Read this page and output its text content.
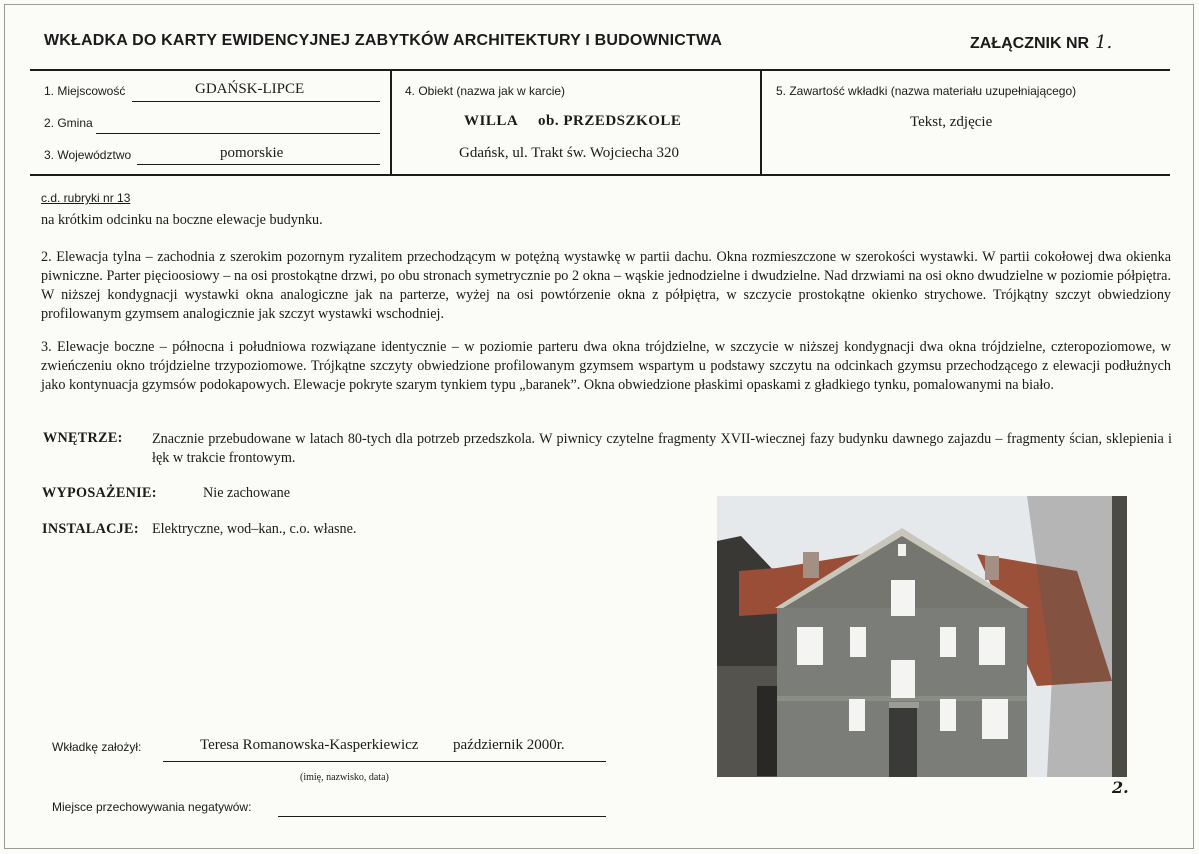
WKŁADKA DO KARTY EWIDENCYJNEJ ZABYTKÓW ARCHITEKTURY I BUDOWNICTWA	ZAŁĄCZNIK NR 1.
1. Miejscowość	GDAŃSK-LIPCE
2. Gmina
3. Województwo	pomorskie
4. Obiekt (nazwa jak w karcie)
WILLA ob. PRZEDSZKOLE
Gdańsk, ul. Trakt św. Wojciecha 320
5. Zawartość wkładki (nazwa materiału uzupełniającego)
Tekst, zdjęcie
c.d. rubryki nr 13

na krótkim odcinku na boczne elewacje budynku.

2. Elewacja tylna – zachodnia z szerokim pozornym ryzalitem przechodzącym w potężną wystawkę w partii dachu. Okna rozmieszczone w szerokości wystawki. W partii cokołowej dwa okienka piwniczne. Parter pięcioosiowy – na osi prostokątne drzwi, po obu stronach symetrycznie po 2 okna – wąskie jednodzielne i dwudzielne. Nad drzwiami na osi okno dwudzielne w poziomie półpiętra. W niższej kondygnacji wystawki okna analogiczne jak na parterze, wyżej na osi powtórzenie okna z półpiętra, w szczycie prostokątne okienko strychowe. Trójkątny szczyt obwiedziony profilowanym gzymsem analogicznie jak szczyt wystawki wschodniej.

3. Elewacje boczne – północna i południowa rozwiązane identycznie – w poziomie parteru dwa okna trójdzielne, w szczycie w niższej kondygnacji dwa okna trójdzielne, czteropoziomowe, w zwieńczeniu okno trójdzielne trzypoziomowe. Trójkątne szczyty obwiedzione profilowanym gzymsem wspartym u podstawy szczytu na odcinkach gzymsu przechodzącego z elewacji podłużnych jako kontynuacja gzymsów podokapowych. Elewacje pokryte szarym tynkiem typu „baranek”. Okna obwiedzione płaskimi opaskami z gładkiego tynku, pomalowanymi na biało.

WNĘTRZE: Znacznie przebudowane w latach 80-tych dla potrzeb przedszkola. W piwnicy czytelne fragmenty XVII-wiecznej fazy budynku dawnego zajazdu – fragmenty ścian, sklepienia i łęk w trakcie frontowym.
WYPOSAŻENIE:	Nie zachowane
INSTALACJE: Elektryczne, wod–kan., c.o. własne.
2.
Wkładkę założył:	Teresa Romanowska-Kasperkiewicz październik 2000r.
(imię, nazwisko, data)
Miejsce przechowywania negatywów:
